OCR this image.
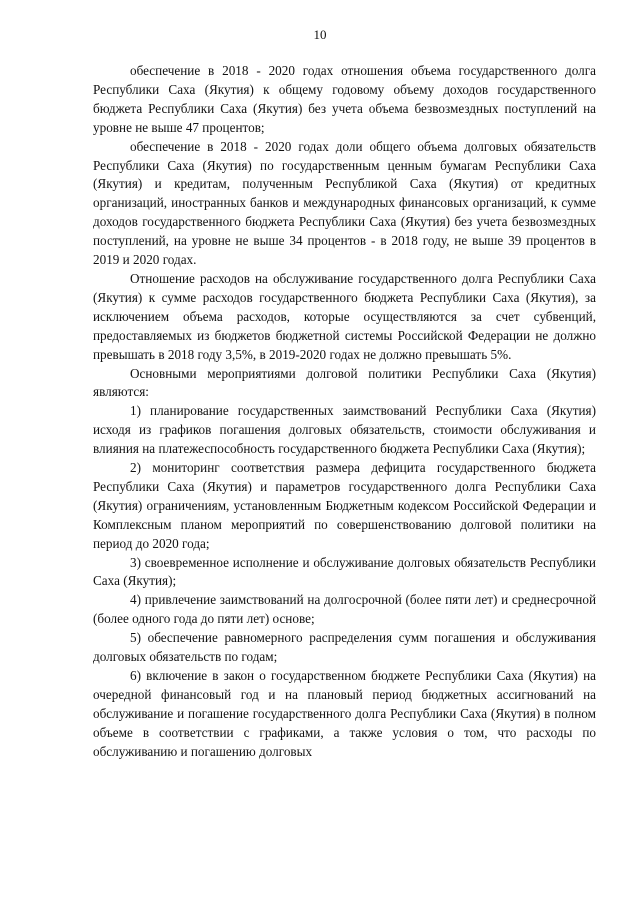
10

обеспечение в 2018 - 2020 годах отношения объема государственного долга Республики Саха (Якутия) к общему годовому объему доходов государственного бюджета Республики Саха (Якутия) без учета объема безвозмездных поступлений на уровне не выше 47 процентов;

обеспечение в 2018 - 2020 годах доли общего объема долговых обязательств Республики Саха (Якутия) по государственным ценным бумагам Республики Саха (Якутия) и кредитам, полученным Республикой Саха (Якутия) от кредитных организаций, иностранных банков и международных финансовых организаций, к сумме доходов государственного бюджета Республики Саха (Якутия) без учета безвозмездных поступлений, на уровне не выше 34 процентов - в 2018 году, не выше 39 процентов в 2019 и 2020 годах.

Отношение расходов на обслуживание государственного долга Республики Саха (Якутия) к сумме расходов государственного бюджета Республики Саха (Якутия), за исключением объема расходов, которые осуществляются за счет субвенций, предоставляемых из бюджетов бюджетной системы Российской Федерации не должно превышать в 2018 году 3,5%, в 2019-2020 годах не должно превышать 5%.

Основными мероприятиями долговой политики Республики Саха (Якутия) являются:

1) планирование государственных заимствований Республики Саха (Якутия) исходя из графиков погашения долговых обязательств, стоимости обслуживания и влияния на платежеспособность государственного бюджета Республики Саха (Якутия);

2) мониторинг соответствия размера дефицита государственного бюджета Республики Саха (Якутия) и параметров государственного долга Республики Саха (Якутия) ограничениям, установленным Бюджетным кодексом Российской Федерации и Комплексным планом мероприятий по совершенствованию долговой политики на период до 2020 года;

3) своевременное исполнение и обслуживание долговых обязательств Республики Саха (Якутия);

4) привлечение заимствований на долгосрочной (более пяти лет) и среднесрочной (более одного года до пяти лет) основе;

5) обеспечение равномерного распределения сумм погашения и обслуживания долговых обязательств по годам;

6) включение в закон о государственном бюджете Республики Саха (Якутия) на очередной финансовый год и на плановый период бюджетных ассигнований на обслуживание и погашение государственного долга Республики Саха (Якутия) в полном объеме в соответствии с графиками, а также условия о том, что расходы по обслуживанию и погашению долговых
